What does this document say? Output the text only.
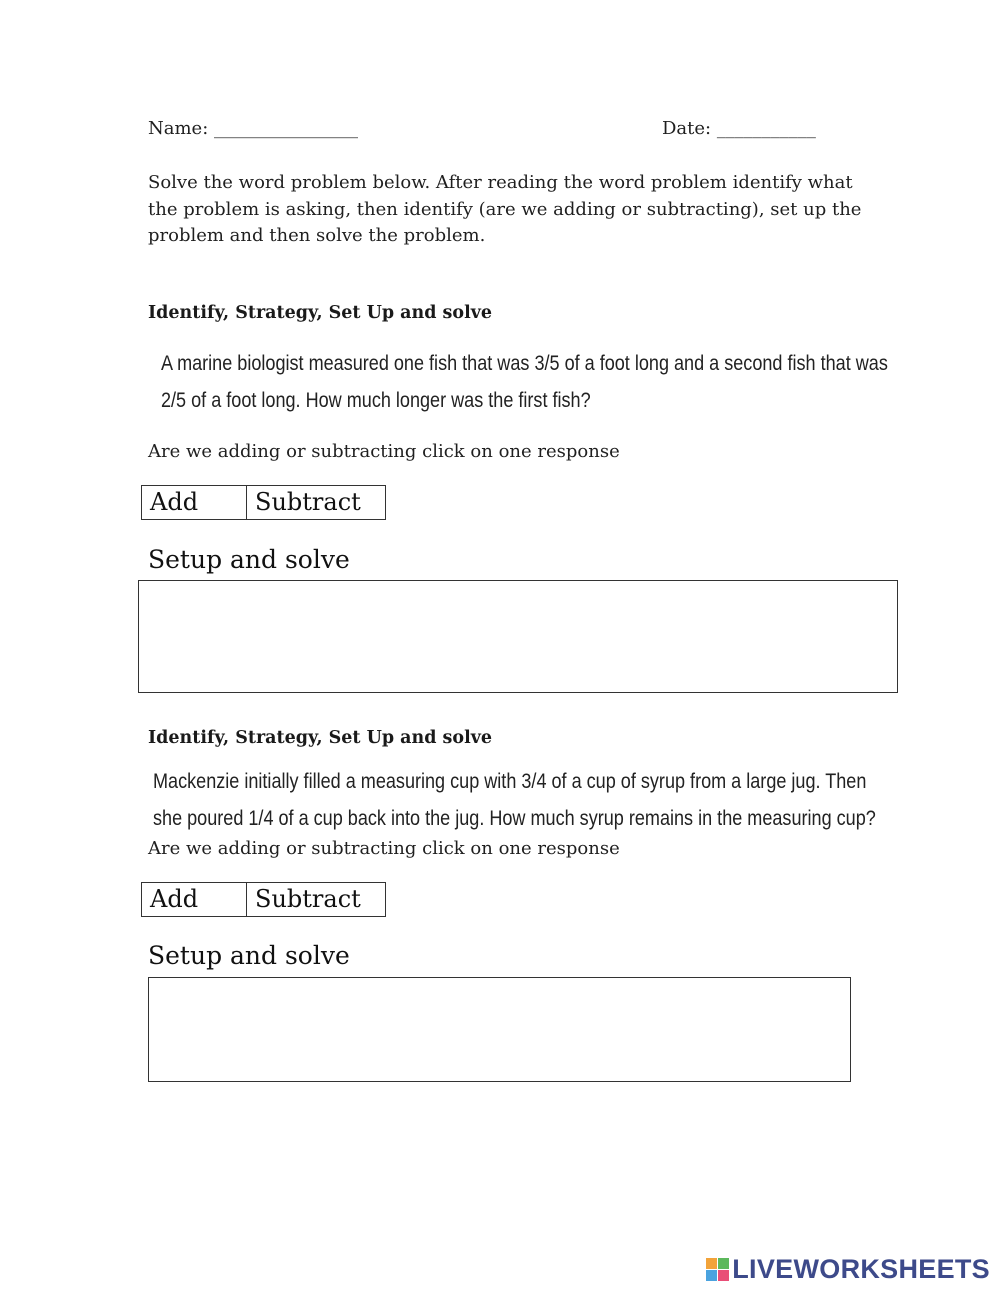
Name: ________________	Date: ___________
Solve the word problem below. After reading the word problem identify what the problem is asking, then identify (are we adding or subtracting), set up the problem and then solve the problem.
Identify, Strategy, Set Up and solve
A marine biologist measured one fish that was 3/5 of a foot long and a second fish that was
2/5 of a foot long. How much longer was the first fish?
Are we adding or subtracting click on one response
Add	Subtract
Setup and solve
Identify, Strategy, Set Up and solve
Mackenzie initially filled a measuring cup with 3/4 of a cup of syrup from a large jug. Then
she poured 1/4 of a cup back into the jug. How much syrup remains in the measuring cup?
Are we adding or subtracting click on one response
Add	Subtract
Setup and solve
LIVEWORKSHEETS
